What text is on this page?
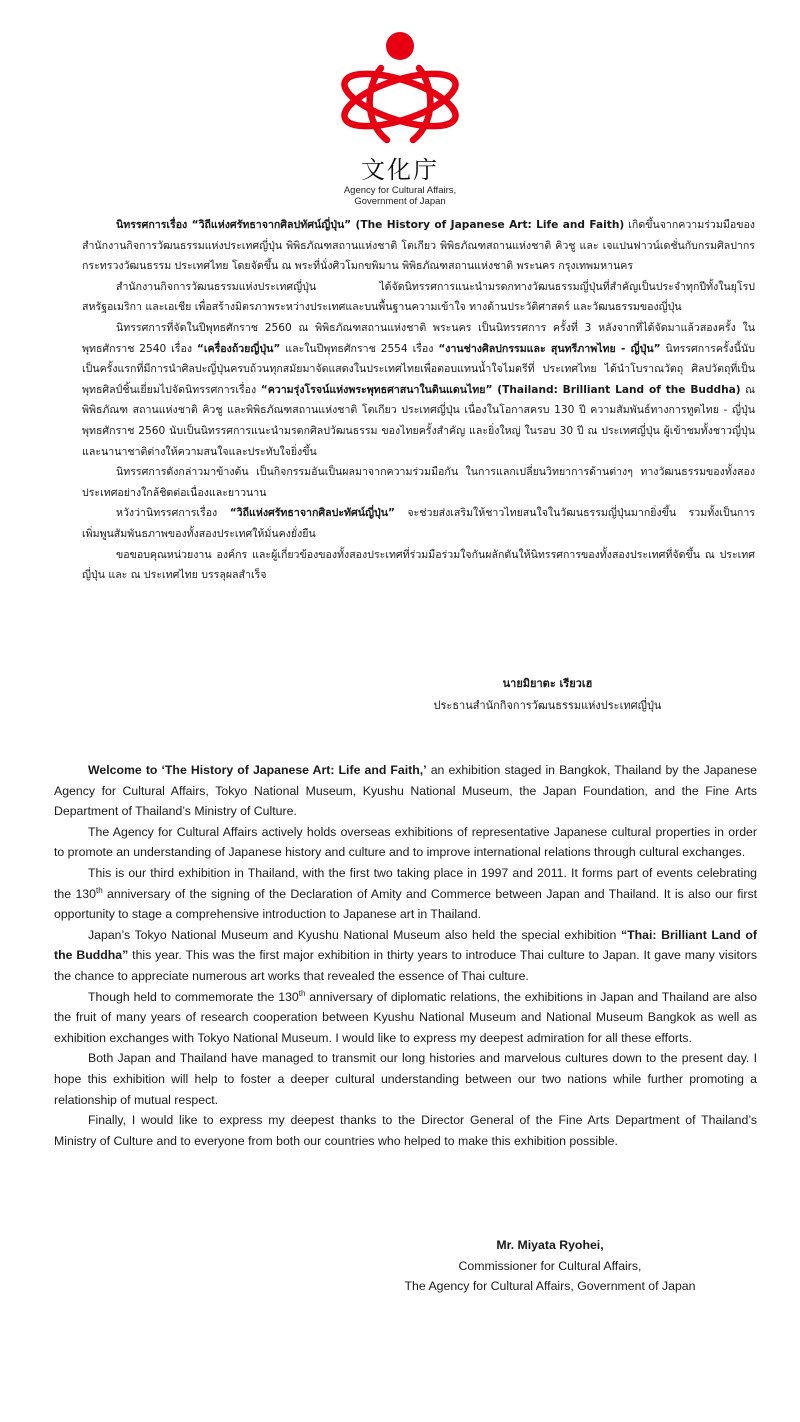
文化庁
Agency for Cultural Affairs,
Government of Japan

นิทรรศการเรื่อง “วิถีแห่งศรัทธาจากศิลปทัศน์ญี่ปุ่น” (The History of Japanese Art: Life and Faith) เกิดขึ้นจากความร่วมมือของสำนักงานกิจการวัฒนธรรมแห่งประเทศญี่ปุ่น พิพิธภัณฑสถานแห่งชาติ โตเกียว พิพิธภัณฑสถานแห่งชาติ คิวชู และ เจแปนฟาวน์เดชั่นกับกรมศิลปากร กระทรวงวัฒนธรรม ประเทศไทย โดยจัดขึ้น ณ พระที่นั่งศิวโมกขพิมาน พิพิธภัณฑสถานแห่งชาติ พระนคร กรุงเทพมหานคร

สำนักงานกิจการวัฒนธรรมแห่งประเทศญี่ปุ่น ได้จัดนิทรรศการแนะนำมรดกทางวัฒนธรรมญี่ปุ่นที่สำคัญเป็นประจำทุกปีทั้งในยุโรป สหรัฐอเมริกา และเอเชีย เพื่อสร้างมิตรภาพระหว่างประเทศและบนพื้นฐานความเข้าใจ ทางด้านประวัติศาสตร์ และวัฒนธรรมของญี่ปุ่น

นิทรรศการที่จัดในปีพุทธศักราช 2560 ณ พิพิธภัณฑสถานแห่งชาติ พระนคร เป็นนิทรรศการ ครั้งที่ 3 หลังจากที่ได้จัดมาแล้วสองครั้ง ในพุทธศักราช 2540 เรื่อง “เครื่องถ้วยญี่ปุ่น” และในปีพุทธศักราช 2554 เรื่อง “งานช่างศิลปกรรมและ สุนทรีภาพไทย - ญี่ปุ่น” นิทรรศการครั้งนี้นับเป็นครั้งแรกที่มีการนำศิลปะญี่ปุ่นครบถ้วนทุกสมัยมาจัดแสดงในประเทศไทยเพื่อตอบแทนน้ำใจไมตรีที่ ประเทศไทย ได้นำโบราณวัตถุ ศิลปวัตถุที่เป็นพุทธศิลป์ชิ้นเยี่ยมไปจัดนิทรรศการเรื่อง “ความรุ่งโรจน์แห่งพระพุทธศาสนาในดินแดนไทย” (Thailand: Brilliant Land of the Buddha) ณ พิพิธภัณฑ สถานแห่งชาติ คิวชู และพิพิธภัณฑสถานแห่งชาติ โตเกียว ประเทศญี่ปุ่น เนื่องในโอกาสครบ 130 ปี ความสัมพันธ์ทางการทูตไทย - ญี่ปุ่น พุทธศักราช 2560 นับเป็นนิทรรศการแนะนำมรดกศิลปวัฒนธรรม ของไทยครั้งสำคัญ และยิ่งใหญ่ ในรอบ 30 ปี ณ ประเทศญี่ปุ่น ผู้เข้าชมทั้งชาวญี่ปุ่นและนานาชาติต่างให้ความสนใจและประทับใจยิ่งขึ้น

นิทรรศการดังกล่าวมาข้างต้น เป็นกิจกรรมอันเป็นผลมาจากความร่วมมือกัน ในการแลกเปลี่ยนวิทยาการด้านต่างๆ ทางวัฒนธรรมของทั้งสองประเทศอย่างใกล้ชิดต่อเนื่องและยาวนาน

หวังว่านิทรรศการเรื่อง “วิถีแห่งศรัทธาจากศิลปะทัศน์ญี่ปุ่น” จะช่วยส่งเสริมให้ชาวไทยสนใจในวัฒนธรรมญี่ปุ่นมากยิ่งขึ้น รวมทั้งเป็นการเพิ่มพูนสัมพันธภาพของทั้งสองประเทศให้มั่นคงยั่งยืน

ขอขอบคุณหน่วยงาน องค์กร และผู้เกี่ยวข้องของทั้งสองประเทศที่ร่วมมือร่วมใจกันผลักดันให้นิทรรศการของทั้งสองประเทศที่จัดขึ้น ณ ประเทศญี่ปุ่น และ ณ ประเทศไทย บรรลุผลสำเร็จ

นายมิยาตะ เรียวเฮ
ประธานสำนักกิจการวัฒนธรรมแห่งประเทศญี่ปุ่น

Welcome to ‘The History of Japanese Art: Life and Faith,’ an exhibition staged in Bangkok, Thailand by the Japanese Agency for Cultural Affairs, Tokyo National Museum, Kyushu National Museum, the Japan Foundation, and the Fine Arts Department of Thailand’s Ministry of Culture.

The Agency for Cultural Affairs actively holds overseas exhibitions of representative Japanese cultural properties in order to promote an understanding of Japanese history and culture and to improve international relations through cultural exchanges.

This is our third exhibition in Thailand, with the first two taking place in 1997 and 2011. It forms part of events celebrating the 130th anniversary of the signing of the Declaration of Amity and Commerce between Japan and Thailand. It is also our first opportunity to stage a comprehensive introduction to Japanese art in Thailand.

Japan’s Tokyo National Museum and Kyushu National Museum also held the special exhibition “Thai: Brilliant Land of the Buddha” this year. This was the first major exhibition in thirty years to introduce Thai culture to Japan. It gave many visitors the chance to appreciate numerous art works that revealed the essence of Thai culture.

Though held to commemorate the 130th anniversary of diplomatic relations, the exhibitions in Japan and Thailand are also the fruit of many years of research cooperation between Kyushu National Museum and National Museum Bangkok as well as exhibition exchanges with Tokyo National Museum. I would like to express my deepest admiration for all these efforts.

Both Japan and Thailand have managed to transmit our long histories and marvelous cultures down to the present day. I hope this exhibition will help to foster a deeper cultural understanding between our two nations while further promoting a relationship of mutual respect.

Finally, I would like to express my deepest thanks to the Director General of the Fine Arts Department of Thailand’s Ministry of Culture and to everyone from both our countries who helped to make this exhibition possible.

Mr. Miyata Ryohei,
Commissioner for Cultural Affairs,
The Agency for Cultural Affairs, Government of Japan
